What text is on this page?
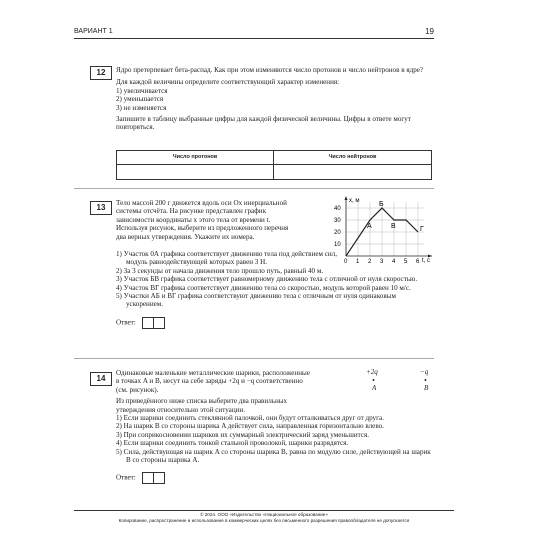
ВАРИАНТ 1	19
12	Ядро претерпевает бета-распад. Как при этом изменяются число протонов и число нейтронов в ядре?

Для каждой величины определите соответствующий характер изменения:

1) увеличивается

2) уменьшается

3) не изменяется

Запишите в таблицу выбранные цифры для каждой физической величины. Цифры в ответе могут повторяться.

Число протонов	Число нейтронов
13	Тело массой 200 г движется вдоль оси Ox инерциальной

системы отсчёта. На рисунке представлен график

зависимости координаты x этого тела от времени t.

Используя рисунок, выберите из предложенного перечня

два верных утверждения. Укажите их номера.

x, м
t, с
40
30
20
10
0 1 2 3 4 5 6
А
Б
В	Г

1) Участок 0А графика соответствует движению тела под действием сил, модуль равнодействующей которых равен 3 Н.

2) За 3 секунды от начала движения тело прошло путь, равный 40 м.

3) Участок БВ графика соответствует равномерному движению тела с отличной от нуля скоростью.

4) Участок ВГ графика соответствует движению тела со скоростью, модуль которой равен 10 м/с.

5) Участки АБ и ВГ графика соответствуют движению тела с отличным от нуля одинаковым ускорением.

Ответ:

14

Одинаковые маленькие металлические шарики, расположенные

в точках A и B, несут на себе заряды +2q и −q соответственно

(см. рисунок).

Из приведённого ниже списка выберите два правильных

утверждения относительно этой ситуации.

+2q
•
A
−q
•
B

1) Если шарики соединить стеклянной палочкой, они будут отталкиваться друг от друга.

2) На шарик B со стороны шарика A действует сила, направленная горизонтально влево.

3) При соприкосновении шариков их суммарный электрический заряд уменьшится.

4) Если шарики соединить тонкой стальной проволокой, шарики разрядятся.

5) Сила, действующая на шарик A со стороны шарика B, равна по модулю силе, действующей на шарик B со стороны шарика A.

Ответ:

© 2024. ООО «Издательство «Национальное образование»
Копирование, распространение и использование в коммерческих целях без письменного разрешения правообладателя не допускается
